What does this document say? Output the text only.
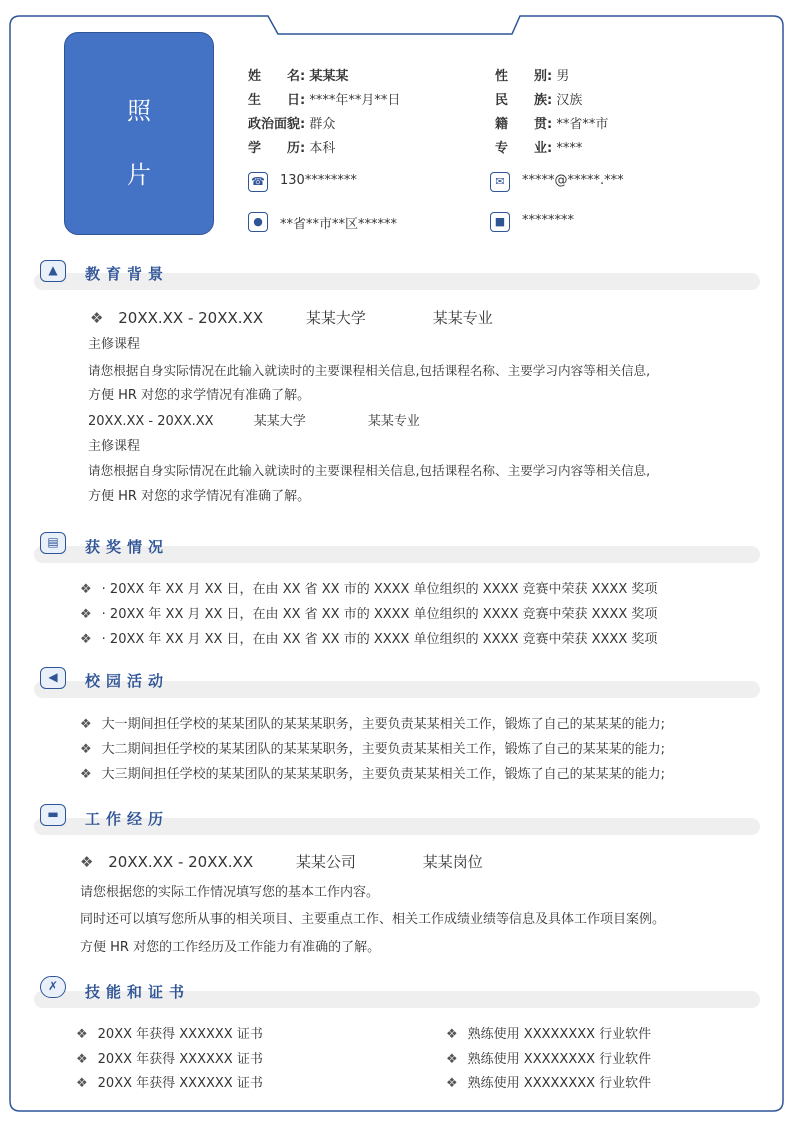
照
片
姓　　名: 某某某	性　　别: 男
生　　日: ****年**月**日	民　　族: 汉族
政治面貌: 群众	籍　　贯: **省**市
学　　历: 本科	专　　业: ****
☎ 130********	✉	*****@*****.***
●	**省**市**区******	■	********
▲	教育背景
❖ 20XX.XX - 20XX.XX	某某大学	某某专业
主修课程
请您根据自身实际情况在此输入就读时的主要课程相关信息,包括课程名称、主要学习内容等相关信息,
方便 HR 对您的求学情况有准确了解。
20XX.XX - 20XX.XX	某某大学	某某专业
主修课程
请您根据自身实际情况在此输入就读时的主要课程相关信息,包括课程名称、主要学习内容等相关信息,
方便 HR 对您的求学情况有准确了解。
▤	获奖情况
❖ · 20XX 年 XX 月 XX 日，在由 XX 省 XX 市的 XXXX 单位组织的 XXXX 竞赛中荣获 XXXX 奖项
❖ · 20XX 年 XX 月 XX 日，在由 XX 省 XX 市的 XXXX 单位组织的 XXXX 竞赛中荣获 XXXX 奖项
❖ · 20XX 年 XX 月 XX 日，在由 XX 省 XX 市的 XXXX 单位组织的 XXXX 竞赛中荣获 XXXX 奖项
◀	校园活动
❖ 大一期间担任学校的某某团队的某某某职务，主要负责某某相关工作，锻炼了自己的某某某的能力;
❖ 大二期间担任学校的某某团队的某某某职务，主要负责某某相关工作，锻炼了自己的某某某的能力;
❖ 大三期间担任学校的某某团队的某某某职务，主要负责某某相关工作，锻炼了自己的某某某的能力;
▬	工作经历
❖ 20XX.XX - 20XX.XX	某某公司	某某岗位
请您根据您的实际工作情况填写您的基本工作内容。
同时还可以填写您所从事的相关项目、主要重点工作、相关工作成绩业绩等信息及具体工作项目案例。
方便 HR 对您的工作经历及工作能力有准确的了解。
✗	技能和证书
❖ 20XX 年获得 XXXXXX 证书
❖ 20XX 年获得 XXXXXX 证书
❖ 20XX 年获得 XXXXXX 证书
❖ 熟练使用 XXXXXXXX 行业软件
❖ 熟练使用 XXXXXXXX 行业软件
❖ 熟练使用 XXXXXXXX 行业软件
